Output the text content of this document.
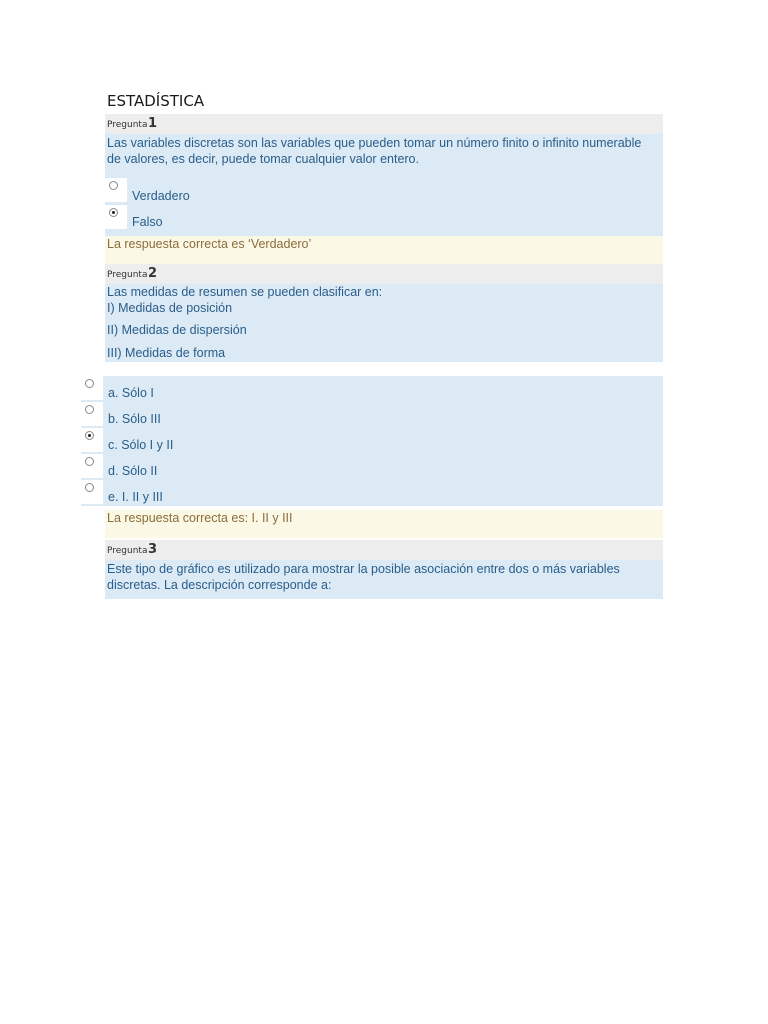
ESTADÍSTICA
Pregunta 1
Las variables discretas son las variables que pueden tomar un número finito o infinito numerable de valores, es decir, puede tomar cualquier valor entero.
Verdadero
Falso
La respuesta correcta es ‘Verdadero’
Pregunta 2
Las medidas de resumen se pueden clasificar en:
I) Medidas de posición
II) Medidas de dispersión
III) Medidas de forma
a. Sólo I
b. Sólo III
c. Sólo I y II
d. Sólo II
e. I. II y III
La respuesta correcta es: I. II y III
Pregunta 3
Este tipo de gráfico es utilizado para mostrar la posible asociación entre dos o más variables discretas. La descripción corresponde a:
